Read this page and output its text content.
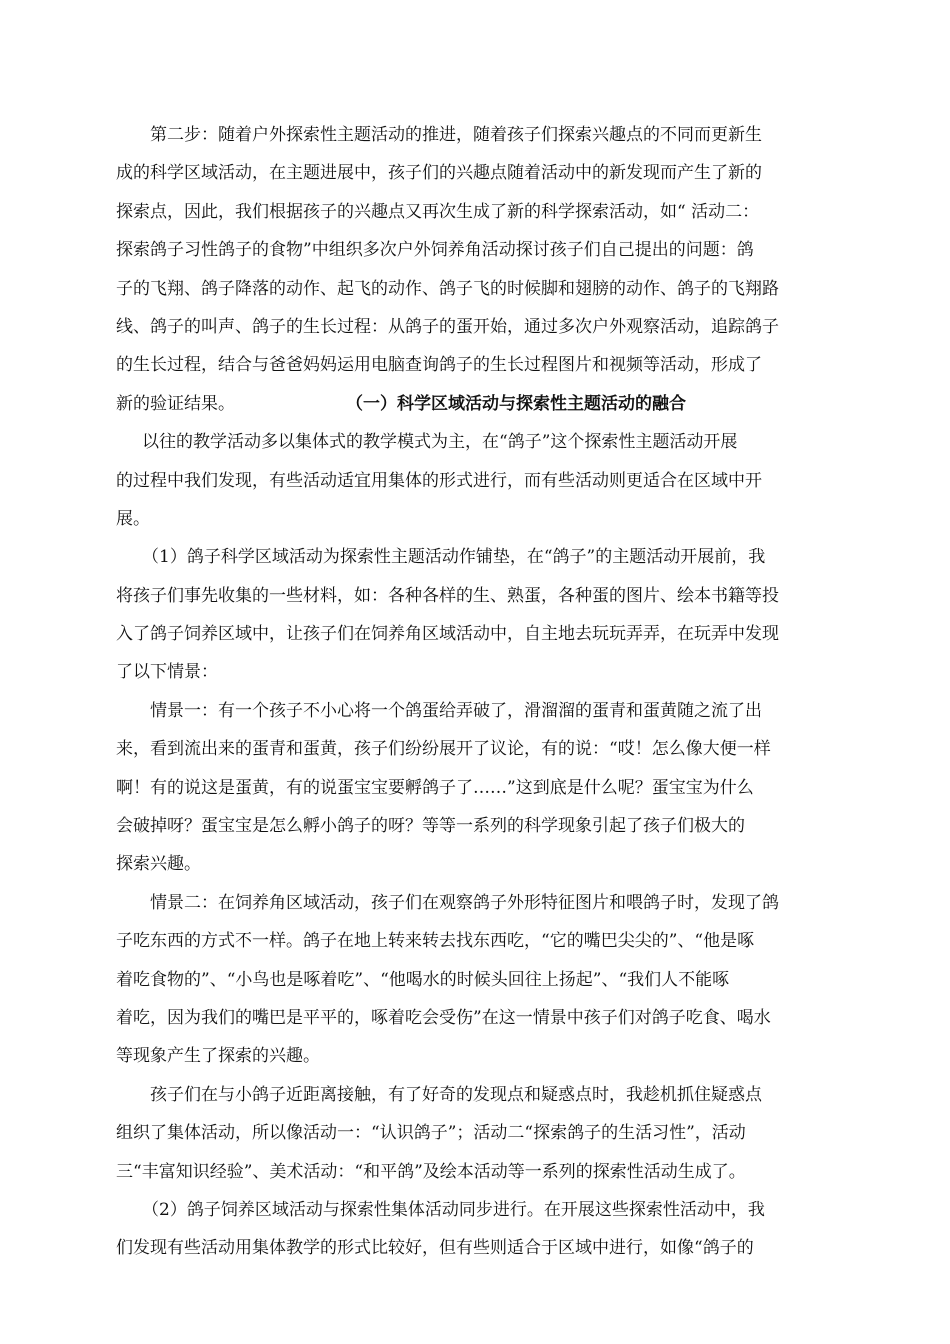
第二步：随着户外探索性主题活动的推进，随着孩子们探索兴趣点的不同而更新生
成的科学区域活动，在主题进展中，孩子们的兴趣点随着活动中的新发现而产生了新的
探索点，因此，我们根据孩子的兴趣点又再次生成了新的科学探索活动，如“ 活动二：
探索鸽子习性鸽子的食物”中组织多次户外饲养角活动探讨孩子们自己提出的问题：鸽
子的飞翔、鸽子降落的动作、起飞的动作、鸽子飞的时候脚和翅膀的动作、鸽子的飞翔路
线、鸽子的叫声、鸽子的生长过程：从鸽子的蛋开始，通过多次户外观察活动，追踪鸽子
的生长过程，结合与爸爸妈妈运用电脑查询鸽子的生长过程图片和视频等活动，形成了
新的验证结果。	（一）科学区域活动与探索性主题活动的融合
以往的教学活动多以集体式的教学模式为主，在“鸽子”这个探索性主题活动开展
的过程中我们发现，有些活动适宜用集体的形式进行，而有些活动则更适合在区域中开
展。
（1）鸽子科学区域活动为探索性主题活动作铺垫，在“鸽子”的主题活动开展前，我
将孩子们事先收集的一些材料，如：各种各样的生、熟蛋，各种蛋的图片、绘本书籍等投
入了鸽子饲养区域中，让孩子们在饲养角区域活动中，自主地去玩玩弄弄，在玩弄中发现
了以下情景：
情景一：有一个孩子不小心将一个鸽蛋给弄破了，滑溜溜的蛋青和蛋黄随之流了出
来，看到流出来的蛋青和蛋黄，孩子们纷纷展开了议论，有的说：“哎！怎么像大便一样
啊！有的说这是蛋黄，有的说蛋宝宝要孵鸽子了……”这到底是什么呢？蛋宝宝为什么
会破掉呀？蛋宝宝是怎么孵小鸽子的呀？等等一系列的科学现象引起了孩子们极大的
探索兴趣。
情景二：在饲养角区域活动，孩子们在观察鸽子外形特征图片和喂鸽子时，发现了鸽
子吃东西的方式不一样。鸽子在地上转来转去找东西吃，“它的嘴巴尖尖的”、“他是啄
着吃食物的”、“小鸟也是啄着吃”、“他喝水的时候头回往上扬起”、“我们人不能啄
着吃，因为我们的嘴巴是平平的，啄着吃会受伤”在这一情景中孩子们对鸽子吃食、喝水
等现象产生了探索的兴趣。
孩子们在与小鸽子近距离接触，有了好奇的发现点和疑惑点时，我趁机抓住疑惑点
组织了集体活动，所以像活动一：“认识鸽子”；活动二“探索鸽子的生活习性”，活动
三“丰富知识经验”、美术活动：“和平鸽”及绘本活动等一系列的探索性活动生成了。
（2）鸽子饲养区域活动与探索性集体活动同步进行。在开展这些探索性活动中，我
们发现有些活动用集体教学的形式比较好，但有些则适合于区域中进行，如像“鸽子的
